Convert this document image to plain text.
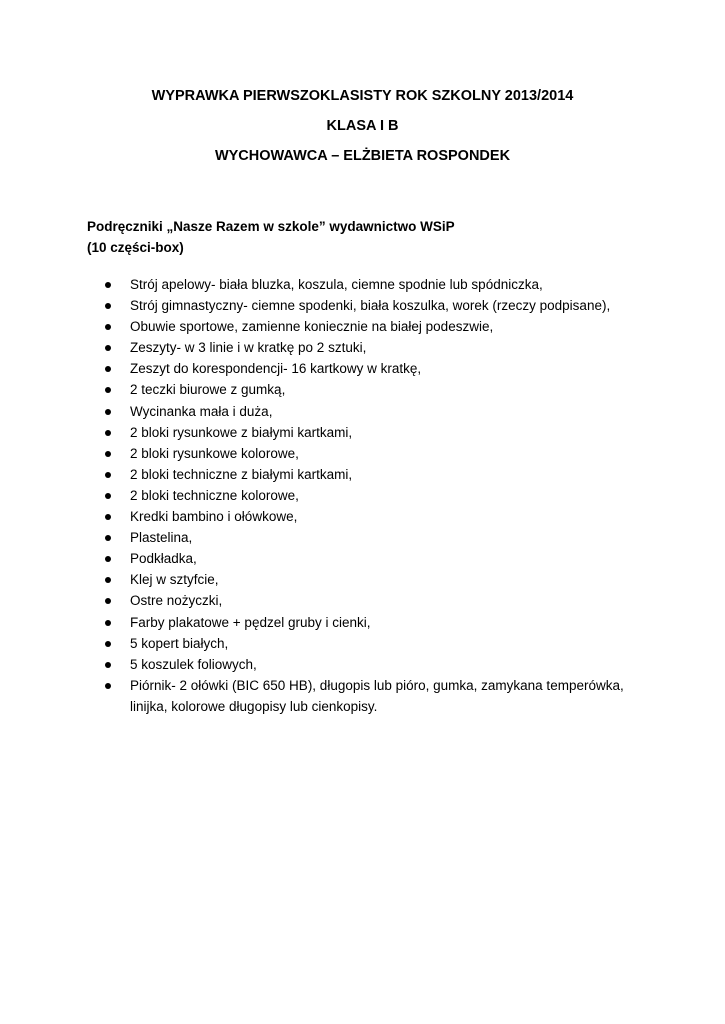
WYPRAWKA PIERWSZOKLASISTY ROK SZKOLNY 2013/2014

KLASA I B

WYCHOWAWCA – ELŻBIETA ROSPONDEK

Podręczniki „Nasze Razem w szkole” wydawnictwo WSiP
(10 części-box)
Strój apelowy- biała bluzka, koszula, ciemne spodnie lub spódniczka,
Strój gimnastyczny- ciemne spodenki, biała koszulka, worek (rzeczy podpisane),
Obuwie sportowe, zamienne koniecznie na białej podeszwie,
Zeszyty- w 3 linie i w kratkę po 2 sztuki,
Zeszyt do korespondencji- 16 kartkowy w kratkę,
2 teczki biurowe z gumką,
Wycinanka mała i duża,
2 bloki rysunkowe z białymi kartkami,
2 bloki rysunkowe kolorowe,
2 bloki techniczne z białymi kartkami,
2 bloki techniczne kolorowe,
Kredki bambino i ołówkowe,
Plastelina,
Podkładka,
Klej w sztyfcie,
Ostre nożyczki,
Farby plakatowe + pędzel gruby i cienki,
5 kopert białych,
5 koszulek foliowych,
Piórnik- 2 ołówki (BIC 650 HB), długopis lub pióro, gumka, zamykana temperówka, linijka, kolorowe długopisy lub cienkopisy.
